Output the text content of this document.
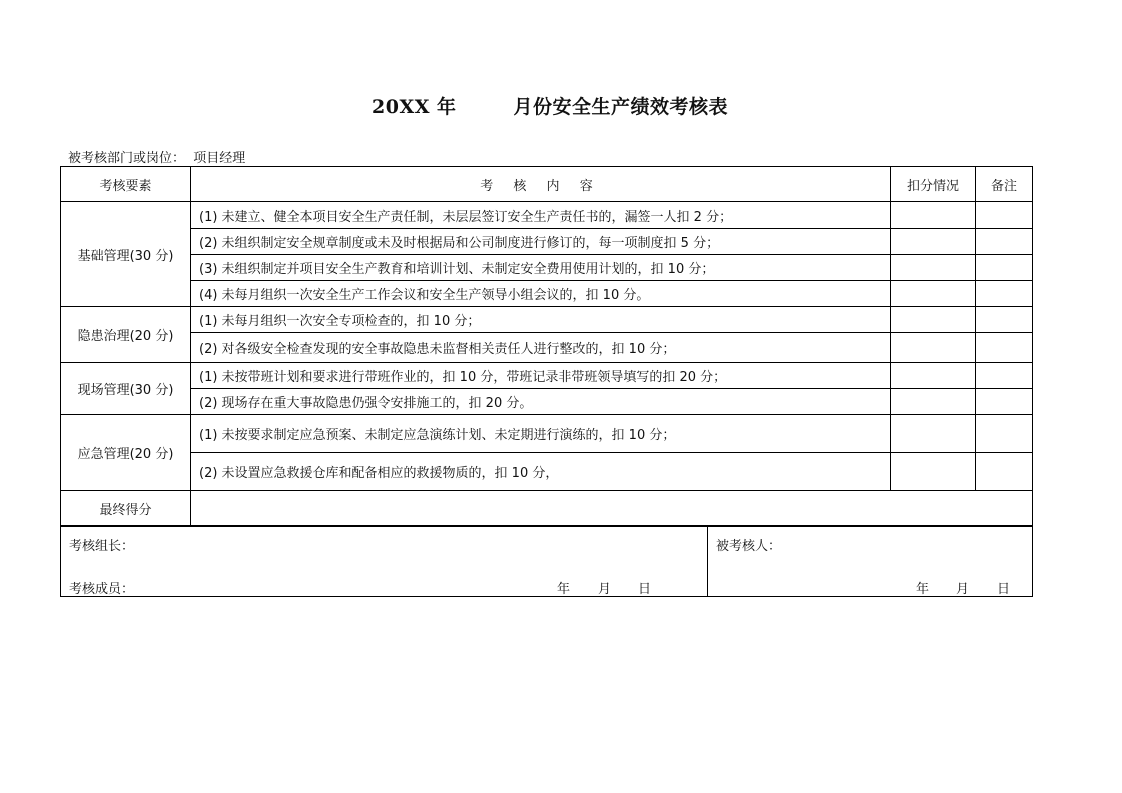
20XX 年        月份安全生产绩效考核表
被考核部门或岗位： 项目经理
考核要素	考 核 内 容	扣分情况	备注
基础管理(30 分)	(1) 未建立、健全本项目安全生产责任制，未层层签订安全生产责任书的，漏签一人扣 2 分；		
	(2) 未组织制定安全规章制度或未及时根据局和公司制度进行修订的，每一项制度扣 5 分；		
	(3) 未组织制定并项目安全生产教育和培训计划、未制定安全费用使用计划的，扣 10 分；		
	(4) 未每月组织一次安全生产工作会议和安全生产领导小组会议的，扣 10 分。		
隐患治理(20 分)	(1) 未每月组织一次安全专项检查的，扣 10 分；		
	(2) 对各级安全检查发现的安全事故隐患未监督相关责任人进行整改的，扣 10 分；		
现场管理(30 分)	(1) 未按带班计划和要求进行带班作业的，扣 10 分，带班记录非带班领导填写的扣 20 分；		
	(2) 现场存在重大事故隐患仍强令安排施工的，扣 20 分。		
应急管理(20 分)	(1) 未按要求制定应急预案、未制定应急演练计划、未定期进行演练的，扣 10 分；		
	(2) 未设置应急救援仓库和配备相应的救援物质的，扣 10 分，		
最终得分			
考核组长：
考核成员：	年 月 日

被考核人：
年 月 日
